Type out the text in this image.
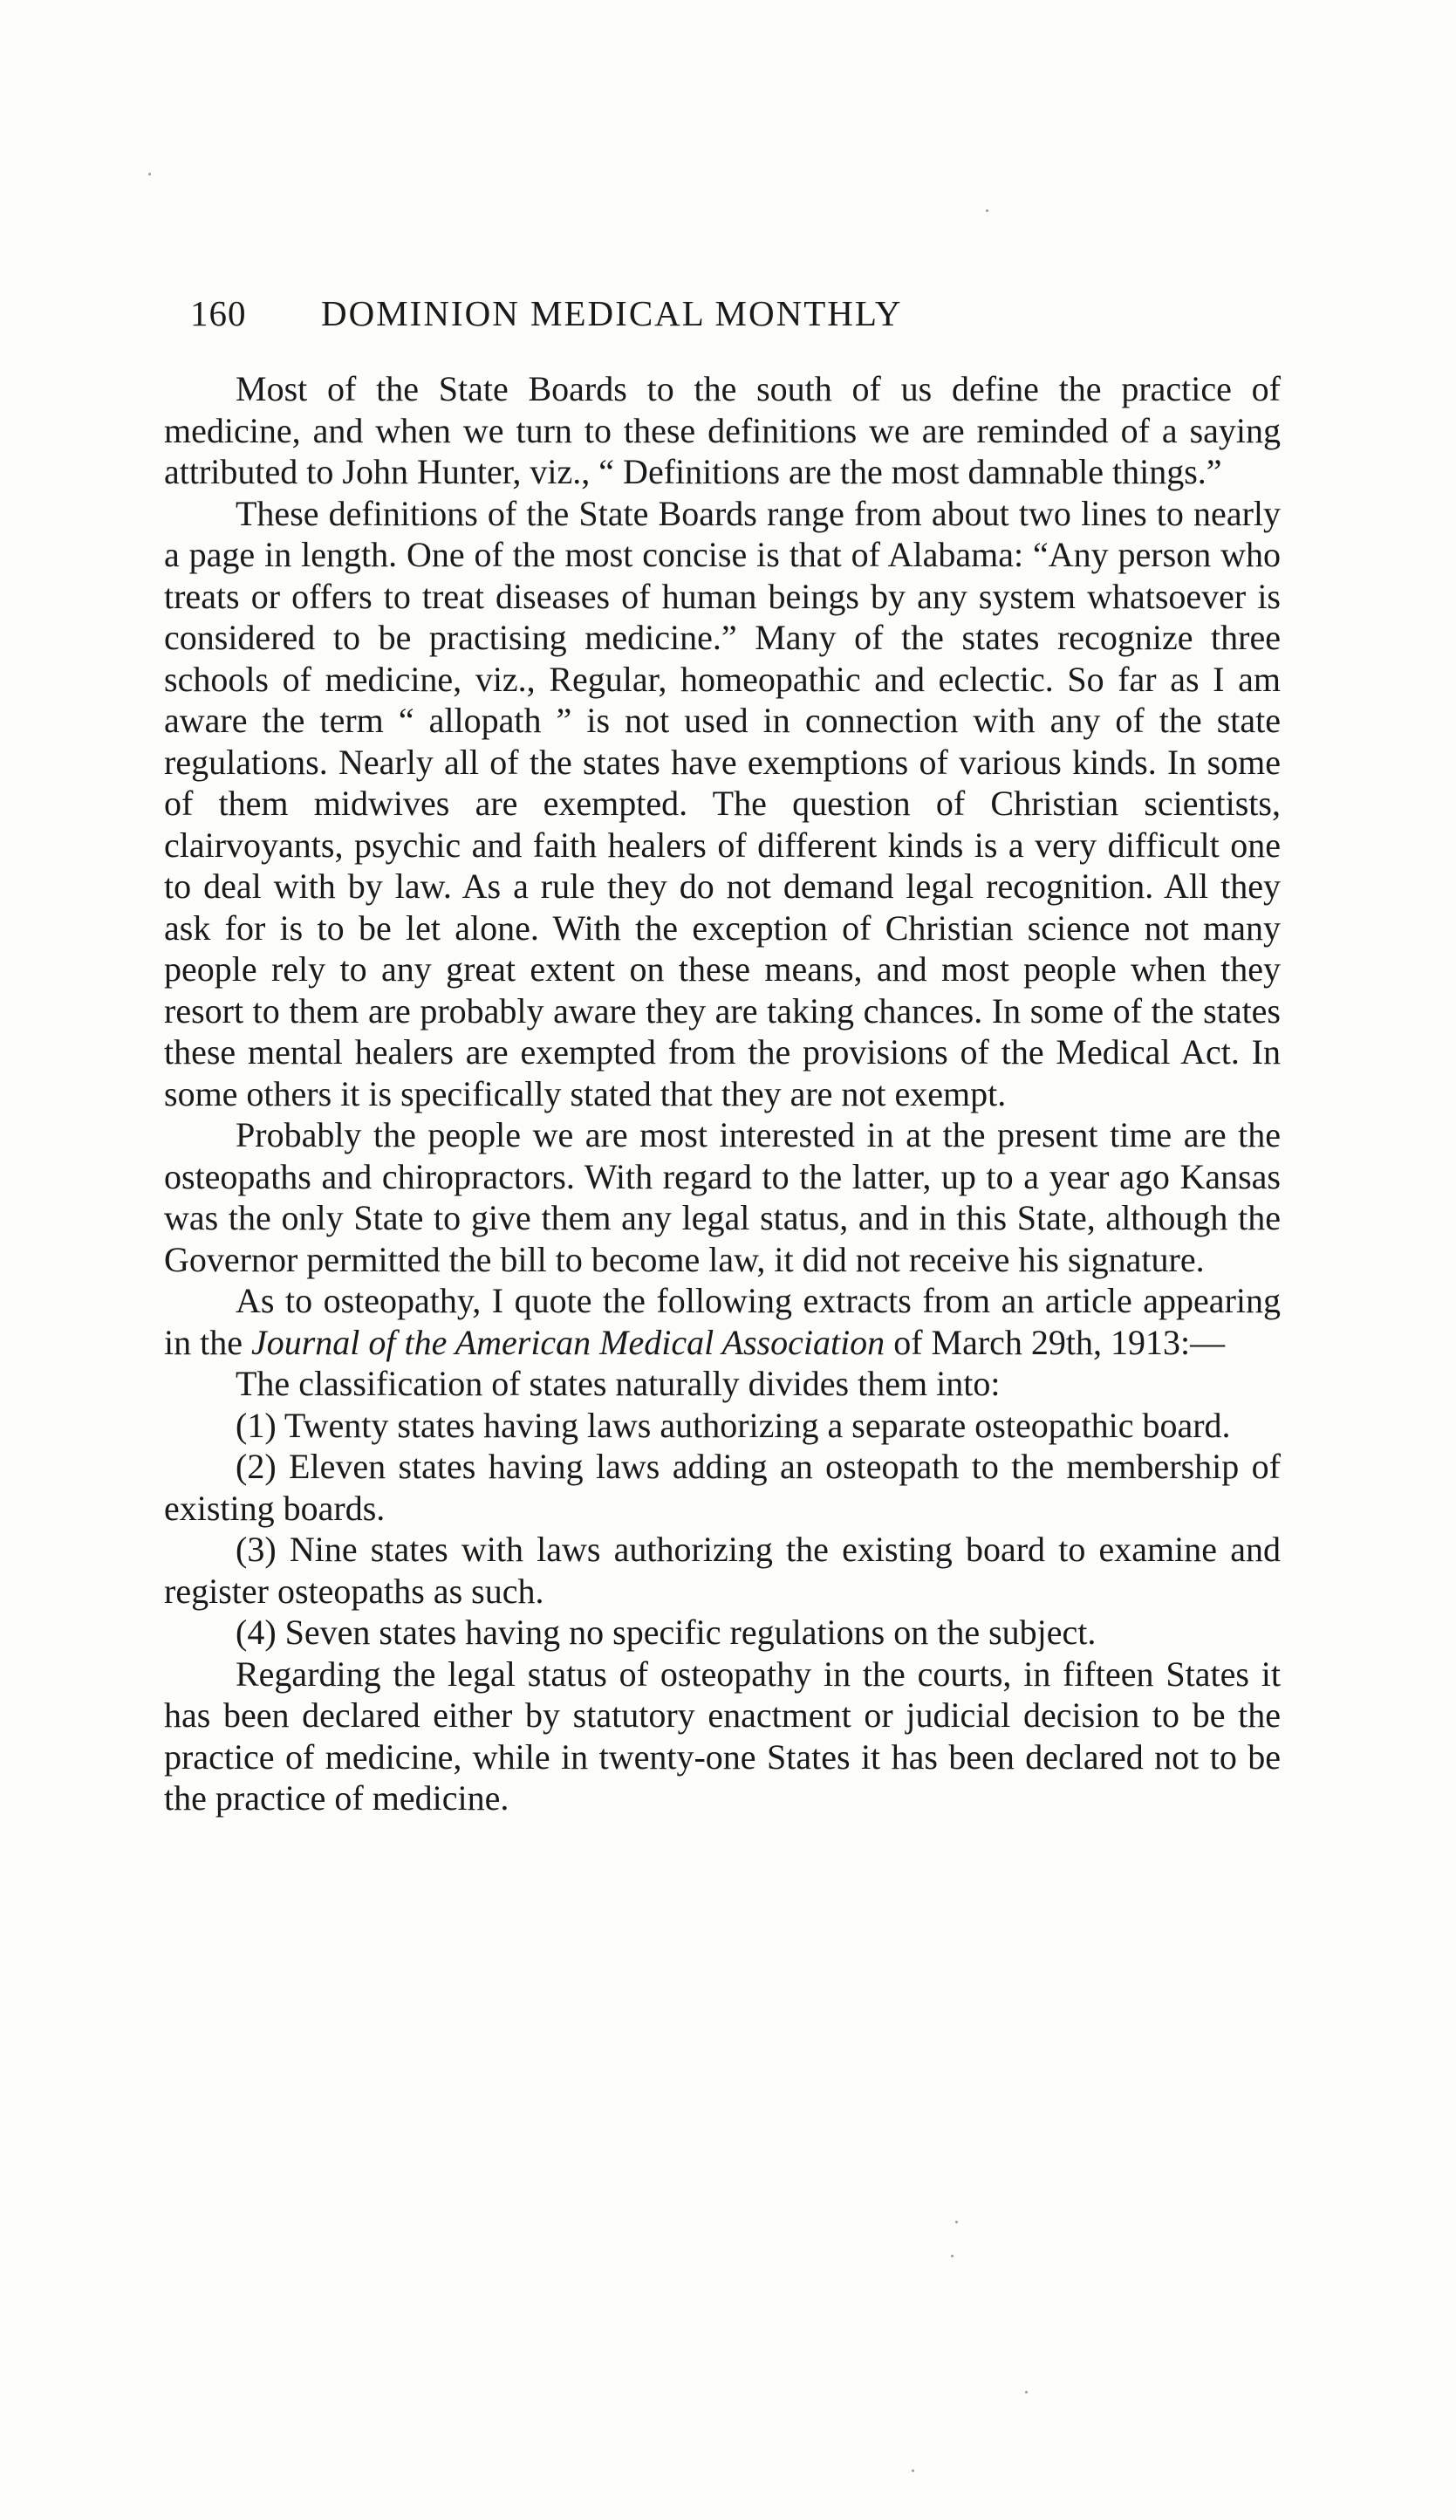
160 DOMINION MEDICAL MONTHLY

Most of the State Boards to the south of us define the practice of medicine, and when we turn to these definitions we are reminded of a saying attributed to John Hunter, viz., “ Definitions are the most damnable things.”

These definitions of the State Boards range from about two lines to nearly a page in length. One of the most concise is that of Alabama: “Any person who treats or offers to treat diseases of human beings by any system whatsoever is considered to be practising medicine.” Many of the states recognize three schools of medicine, viz., Regular, homeopathic and eclectic. So far as I am aware the term “ allopath ” is not used in connection with any of the state regulations. Nearly all of the states have exemptions of various kinds. In some of them midwives are exempted. The question of Christian scientists, clairvoyants, psychic and faith healers of different kinds is a very difficult one to deal with by law. As a rule they do not demand legal recognition. All they ask for is to be let alone. With the exception of Christian science not many people rely to any great extent on these means, and most people when they resort to them are probably aware they are taking chances. In some of the states these mental healers are exempted from the provisions of the Medical Act. In some others it is specifically stated that they are not exempt.

Probably the people we are most interested in at the present time are the osteopaths and chiropractors. With regard to the latter, up to a year ago Kansas was the only State to give them any legal status, and in this State, although the Governor permitted the bill to become law, it did not receive his signature.

As to osteopathy, I quote the following extracts from an article appearing in the Journal of the American Medical Association of March 29th, 1913:—

The classification of states naturally divides them into:

(1) Twenty states having laws authorizing a separate osteopathic board.

(2) Eleven states having laws adding an osteopath to the membership of existing boards.

(3) Nine states with laws authorizing the existing board to examine and register osteopaths as such.

(4) Seven states having no specific regulations on the subject.

Regarding the legal status of osteopathy in the courts, in fifteen States it has been declared either by statutory enactment or judicial decision to be the practice of medicine, while in twenty-one States it has been declared not to be the practice of medicine.
